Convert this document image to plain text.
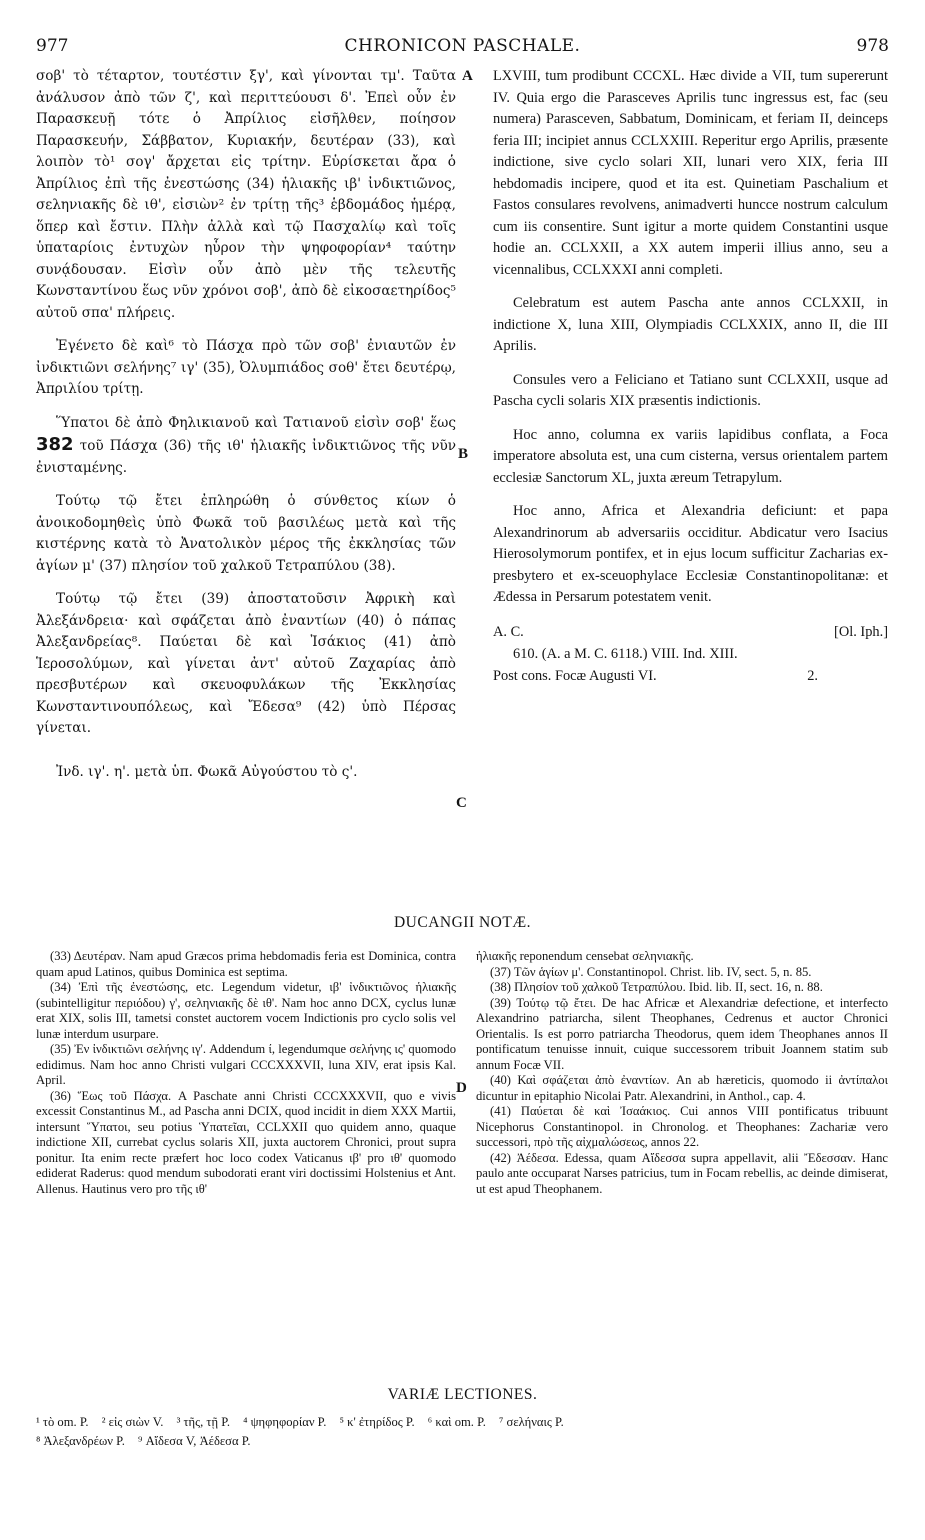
977	CHRONICON PASCHALE.	978
A
B
C
D

σοβ' τὸ τέταρτον, τουτέστιν ξγ', καὶ γίνονται τμ'. Ταῦτα ἀνάλυσον ἀπὸ τῶν ζ', καὶ περιττεύουσι δ'. Ἐπεὶ οὖν ἐν Παρασκευῇ τότε ὁ Ἀπρίλιος εἰσῆλθεν, ποίησον Παρασκευήν, Σάββατον, Κυριακήν, δευτέραν (33), καὶ λοιπὸν τὸ¹ σογ' ἄρχεται εἰς τρίτην. Εὑρίσκεται ἄρα ὁ Ἀπρίλιος ἐπὶ τῆς ἐνεστώσης (34) ἡλιακῆς ιβ' ἰνδικτιῶνος, σεληνιακῆς δὲ ιθ', εἰσιὼν² ἐν τρίτῃ τῆς³ ἑβδομάδος ἡμέρᾳ, ὅπερ καὶ ἔστιν. Πλὴν ἀλλὰ καὶ τῷ Πασχαλίῳ καὶ τοῖς ὑπαταρίοις ἐντυχὼν ηὗρον τὴν ψηφοφορίαν⁴ ταύτην συνᾴδουσαν. Εἰσὶν οὖν ἀπὸ μὲν τῆς τελευτῆς Κωνσταντίνου ἕως νῦν χρόνοι σοβ', ἀπὸ δὲ εἰκοσαετηρίδος⁵ αὐτοῦ σπα' πλήρεις.

Ἐγένετο δὲ καὶ⁶ τὸ Πάσχα πρὸ τῶν σοβ' ἐνιαυτῶν ἐν ἰνδικτιῶνι σελήνης⁷ ιγ' (35), Ὀλυμπιάδος σοθ' ἔτει δευτέρῳ, Ἀπριλίου τρίτῃ.

Ὕπατοι δὲ ἀπὸ Φηλικιανοῦ καὶ Τατιανοῦ εἰσὶν σοβ' ἕως 382 τοῦ Πάσχα (36) τῆς ιθ' ἡλιακῆς ἰνδικτιῶνος τῆς νῦν ἐνισταμένης.

Τούτῳ τῷ ἔτει ἐπληρώθη ὁ σύνθετος κίων ὁ ἀνοικοδομηθεὶς ὑπὸ Φωκᾶ τοῦ βασιλέως μετὰ καὶ τῆς κιστέρνης κατὰ τὸ Ἀνατολικὸν μέρος τῆς ἐκκλησίας τῶν ἁγίων μ' (37) πλησίον τοῦ χαλκοῦ Τετραπύλου (38).

Τούτῳ τῷ ἔτει (39) ἀποστατοῦσιν Ἀφρικὴ καὶ Ἀλεξάνδρεια· καὶ σφάζεται ἀπὸ ἐναντίων (40) ὁ πάπας Ἀλεξανδρείας⁸. Παύεται δὲ καὶ Ἰσάκιος (41) ἀπὸ Ἱεροσολύμων, καὶ γίνεται ἀντ' αὐτοῦ Ζαχαρίας ἀπὸ πρεσβυτέρων καὶ σκευοφυλάκων τῆς Ἐκκλησίας Κωνσταντινουπόλεως, καὶ Ἔδεσα⁹ (42) ὑπὸ Πέρσας γίνεται.

Ἰνδ. ιγ'. η'. μετὰ ὑπ. Φωκᾶ Αὐγούστου τὸ ς'.

LXVIII, tum prodibunt CCCXL. Hæc divide a VII, tum supererunt IV. Quia ergo die Parasceves Aprilis tunc ingressus est, fac (seu numera) Parasceven, Sabbatum, Dominicam, et feriam II, deinceps feria III; incipiet annus CCLXXIII. Reperitur ergo Aprilis, præsente indictione, sive cyclo solari XII, lunari vero XIX, feria III hebdomadis incipere, quod et ita est. Quinetiam Paschalium et Fastos consulares revolvens, animadverti huncce nostrum calculum cum iis consentire. Sunt igitur a morte quidem Constantini usque hodie an. CCLXXII, a XX autem imperii illius anno, seu a vicennalibus, CCLXXXI anni completi.

Celebratum est autem Pascha ante annos CCLXXII, in indictione X, luna XIII, Olympiadis CCLXXIX, anno II, die III Aprilis.

Consules vero a Feliciano et Tatiano sunt CCLXXII, usque ad Pascha cycli solaris XIX præsentis indictionis.

Hoc anno, columna ex variis lapidibus conflata, a Foca imperatore absoluta est, una cum cisterna, versus orientalem partem ecclesiæ Sanctorum XL, juxta æreum Tetrapylum.

Hoc anno, Africa et Alexandria deficiunt: et papa Alexandrinorum ab adversariis occiditur. Abdicatur vero Isacius Hierosolymorum pontifex, et in ejus locum sufficitur Zacharias ex-presbytero et ex-sceuophylace Ecclesiæ Constantinopolitanæ: et Ædessa in Persarum potestatem venit.

A. C.	[Ol. Iph.]
610. (A. a M. C. 6118.) VIII. Ind. XIII.
Post cons. Focæ Augusti VI.	2.
DUCANGII NOTÆ.

(33) Δευτέραν. Nam apud Græcos prima hebdomadis feria est Dominica, contra quam apud Latinos, quibus Dominica est septima.

(34) Ἐπὶ τῆς ἐνεστώσης, etc. Legendum videtur, ιβ' ἰνδικτιῶνος ἡλιακῆς (subintelligitur περιόδου) γ', σεληνιακῆς δὲ ιθ'. Nam hoc anno DCX, cyclus lunæ erat XIX, solis III, tametsi constet auctorem vocem Indictionis pro cyclo solis vel lunæ interdum usurpare.

(35) Ἐν ἰνδικτιῶνι σελήνης ιγ'. Addendum ί, legendumque σελήνης ις' quomodo edidimus. Nam hoc anno Christi vulgari CCCXXXVII, luna XIV, erat ipsis Kal. April.

(36) Ἕως τοῦ Πάσχα. A Paschate anni Christi CCCXXXVII, quo e vivis excessit Constantinus M., ad Pascha anni DCIX, quod incidit in diem XXX Martii, intersunt Ὕπατοι, seu potius Ὑπατεῖαι, CCLXXII quo quidem anno, quaque indictione XII, currebat cyclus solaris XII, juxta auctorem Chronici, prout supra ponitur. Ita enim recte præfert hoc loco codex Vaticanus ιβ' pro ιθ' quomodo ediderat Raderus: quod mendum subodorati erant viri doctissimi Holstenius et Ant. Allenus. Hautinus vero pro τῆς ιθ'

ἡλιακῆς reponendum censebat σεληνιακῆς.

(37) Τῶν ἁγίων μ'. Constantinopol. Christ. lib. IV, sect. 5, n. 85.

(38) Πλησίον τοῦ χαλκοῦ Τετραπύλου. Ibid. lib. II, sect. 16, n. 88.

(39) Τούτῳ τῷ ἔτει. De hac Africæ et Alexandriæ defectione, et interfecto Alexandrino patriarcha, silent Theophanes, Cedrenus et auctor Chronici Orientalis. Is est porro patriarcha Theodorus, quem idem Theophanes annos II pontificatum tenuisse innuit, cuique successorem tribuit Joannem statim sub annum Focæ VII.

(40) Καὶ σφάζεται ἀπὸ ἐναντίων. An ab hæreticis, quomodo ii ἀντίπαλοι dicuntur in epitaphio Nicolai Patr. Alexandrini, in Anthol., cap. 4.

(41) Παύεται δὲ καὶ Ἰσαάκιος. Cui annos VIII pontificatus tribuunt Nicephorus Constantinopol. in Chronolog. et Theophanes: Zachariæ vero successori, πρὸ τῆς αἰχμαλώσεως, annos 22.

(42) Ἀέδεσα. Edessa, quam Αἴδεσσα supra appellavit, alii Ἔδεσσαν. Hanc paulo ante occuparat Narses patricius, tum in Focam rebellis, ac deinde dimiserat, ut est apud Theophanem.

VARIÆ LECTIONES.
¹ τὸ om. P. ² εἰς σιὼν V. ³ τῆς, τῇ P. ⁴ ψηφηφορίαν P. ⁵ κ' ἐτηρίδος P. ⁶ καὶ om. P. ⁷ σελήναις P.
⁸ Ἀλεξανδρέων P. ⁹ Αἴδεσα V, Ἀέδεσα P.
